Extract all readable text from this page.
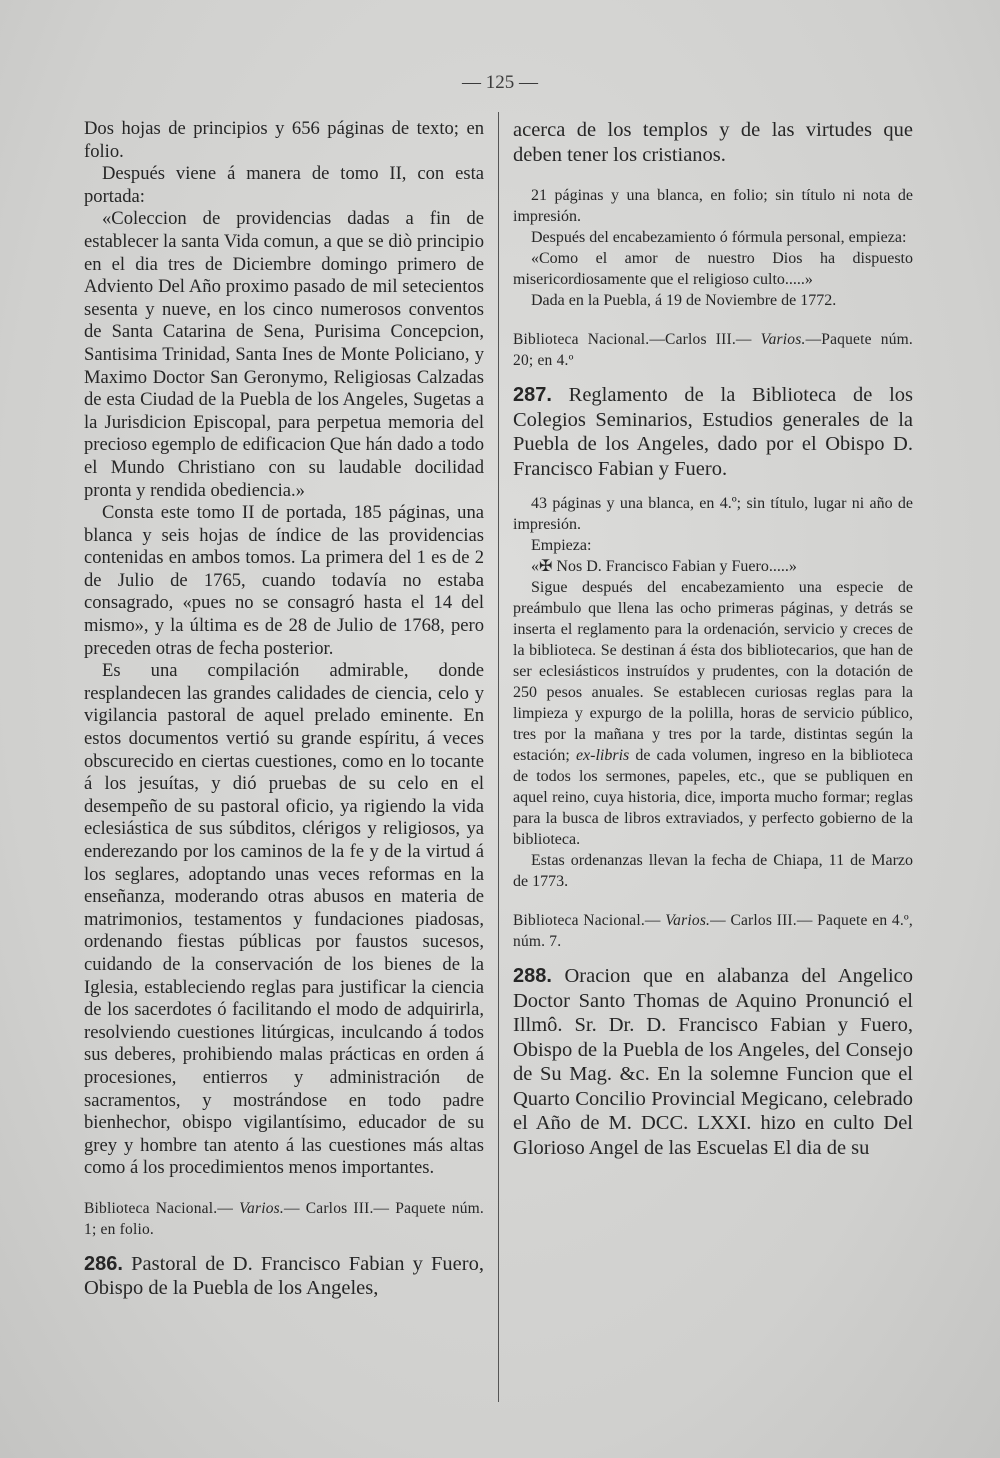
— 125 —

Dos hojas de principios y 656 páginas de texto; en folio.

Después viene á manera de tomo II, con esta portada:

«Coleccion de providencias dadas a fin de establecer la santa Vida comun, a que se diò principio en el dia tres de Diciembre domingo primero de Adviento Del Año proximo pasado de mil setecientos sesenta y nueve, en los cinco numerosos conventos de Santa Catarina de Sena, Purisima Concepcion, Santisima Trinidad, Santa Ines de Monte Policiano, y Maximo Doctor San Geronymo, Religiosas Calzadas de esta Ciudad de la Puebla de los Angeles, Sugetas a la Jurisdicion Episcopal, para perpetua memoria del precioso egemplo de edificacion Que hán dado a todo el Mundo Christiano con su laudable docilidad pronta y rendida obediencia.»

Consta este tomo II de portada, 185 páginas, una blanca y seis hojas de índice de las providencias contenidas en ambos tomos. La primera del 1 es de 2 de Julio de 1765, cuando todavía no estaba consagrado, «pues no se consagró hasta el 14 del mismo», y la última es de 28 de Julio de 1768, pero preceden otras de fecha posterior.

Es una compilación admirable, donde resplandecen las grandes calidades de ciencia, celo y vigilancia pastoral de aquel prelado eminente. En estos documentos vertió su grande espíritu, á veces obscurecido en ciertas cuestiones, como en lo tocante á los jesuítas, y dió pruebas de su celo en el desempeño de su pastoral oficio, ya rigiendo la vida eclesiástica de sus súbditos, clérigos y religiosos, ya enderezando por los caminos de la fe y de la virtud á los seglares, adoptando unas veces reformas en la enseñanza, moderando otras abusos en materia de matrimonios, testamentos y fundaciones piadosas, ordenando fiestas públicas por faustos sucesos, cuidando de la conservación de los bienes de la Iglesia, estableciendo reglas para justificar la ciencia de los sacerdotes ó facilitando el modo de adquirirla, resolviendo cuestiones litúrgicas, inculcando á todos sus deberes, prohibiendo malas prácticas en orden á procesiones, entierros y administración de sacramentos, y mostrándose en todo padre bienhechor, obispo vigilantísimo, educador de su grey y hombre tan atento á las cuestiones más altas como á los procedimientos menos importantes.

Biblioteca Nacional.— Varios.— Carlos III.— Paquete núm. 1; en folio.

286. Pastoral de D. Francisco Fabian y Fuero, Obispo de la Puebla de los Angeles,

acerca de los templos y de las virtudes que deben tener los cristianos.

21 páginas y una blanca, en folio; sin título ni nota de impresión.

Después del encabezamiento ó fórmula personal, empieza:

«Como el amor de nuestro Dios ha dispuesto misericordiosamente que el religioso culto.....»

Dada en la Puebla, á 19 de Noviembre de 1772.

Biblioteca Nacional.—Carlos III.— Varios.—Paquete núm. 20; en 4.º

287. Reglamento de la Biblioteca de los Colegios Seminarios, Estudios generales de la Puebla de los Angeles, dado por el Obispo D. Francisco Fabian y Fuero.

43 páginas y una blanca, en 4.º; sin título, lugar ni año de impresión.

Empieza:

«✠ Nos D. Francisco Fabian y Fuero.....»

Sigue después del encabezamiento una especie de preámbulo que llena las ocho primeras páginas, y detrás se inserta el reglamento para la ordenación, servicio y creces de la biblioteca. Se destinan á ésta dos bibliotecarios, que han de ser eclesiásticos instruídos y prudentes, con la dotación de 250 pesos anuales. Se establecen curiosas reglas para la limpieza y expurgo de la polilla, horas de servicio público, tres por la mañana y tres por la tarde, distintas según la estación; ex-libris de cada volumen, ingreso en la biblioteca de todos los sermones, papeles, etc., que se publiquen en aquel reino, cuya historia, dice, importa mucho formar; reglas para la busca de libros extraviados, y perfecto gobierno de la biblioteca.

Estas ordenanzas llevan la fecha de Chiapa, 11 de Marzo de 1773.

Biblioteca Nacional.— Varios.— Carlos III.— Paquete en 4.º, núm. 7.

288. Oracion que en alabanza del Angelico Doctor Santo Thomas de Aquino Pronunció el Illmô. Sr. Dr. D. Francisco Fabian y Fuero, Obispo de la Puebla de los Angeles, del Consejo de Su Mag. &c. En la solemne Funcion que el Quarto Concilio Provincial Megicano, celebrado el Año de M. DCC. LXXI. hizo en culto Del Glorioso Angel de las Escuelas El dia de su
